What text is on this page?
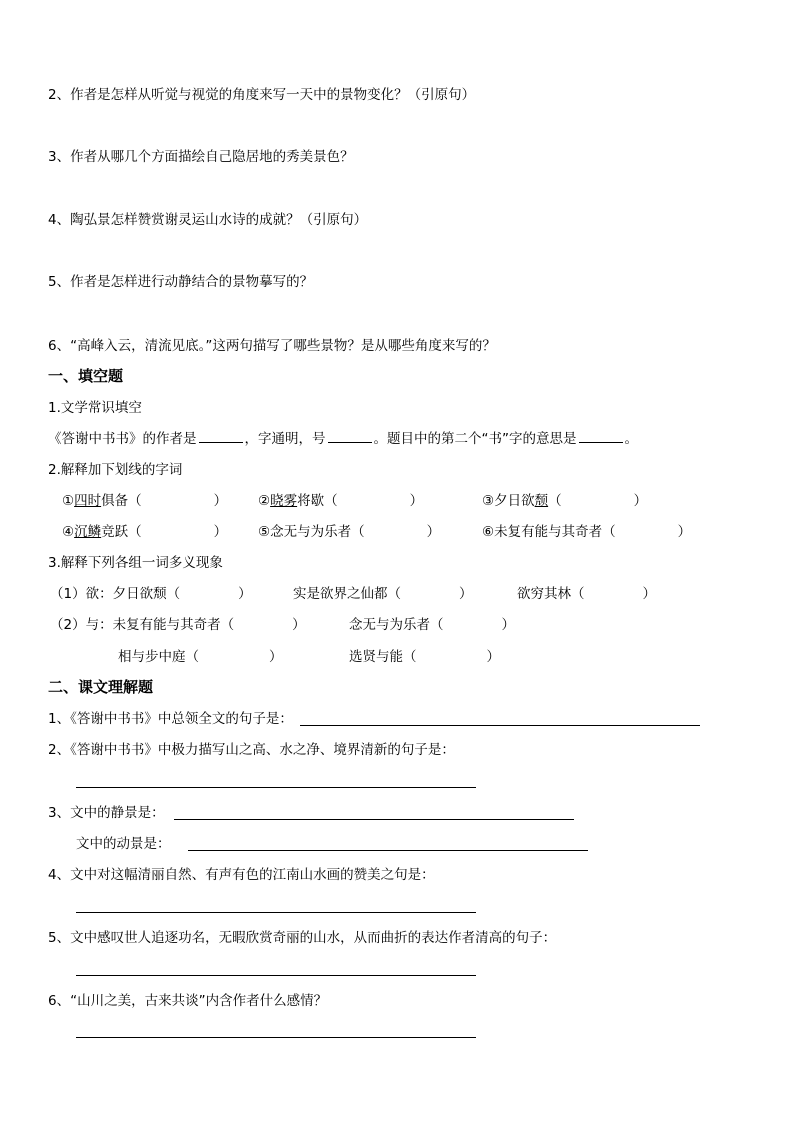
2、作者是怎样从听觉与视觉的角度来写一天中的景物变化？（引原句）
3、作者从哪几个方面描绘自己隐居地的秀美景色？
4、陶弘景怎样赞赏谢灵运山水诗的成就？（引原句）
5、作者是怎样进行动静结合的景物摹写的？
6、“高峰入云，清流见底。”这两句描写了哪些景物？是从哪些角度来写的？
一、填空题
1.文学常识填空
《答谢中书书》的作者是	，字通明，号	。题目中的第二个“书”字的意思是	。
2.解释加下划线的字词
①四时俱备（	） ②晓雾将歇（	）	③夕日欲颓（	）
④沉鳞竞跃（	） ⑤念无与为乐者（	）	⑥未复有能与其奇者（	）
3.解释下列各组一词多义现象
（1）欲：夕日欲颓（	）	实是欲界之仙都（	）	欲穷其林（	）
（2）与：未复有能与其奇者（	）	念无与为乐者（	）
相与步中庭（	）	选贤与能（	）
二、课文理解题
1、《答谢中书书》中总领全文的句子是：
2、《答谢中书书》中极力描写山之高、水之净、境界清新的句子是：
3、文中的静景是：
文中的动景是：
4、文中对这幅清丽自然、有声有色的江南山水画的赞美之句是：
5、文中感叹世人追逐功名，无暇欣赏奇丽的山水，从而曲折的表达作者清高的句子：
6、“山川之美，古来共谈”内含作者什么感情？
